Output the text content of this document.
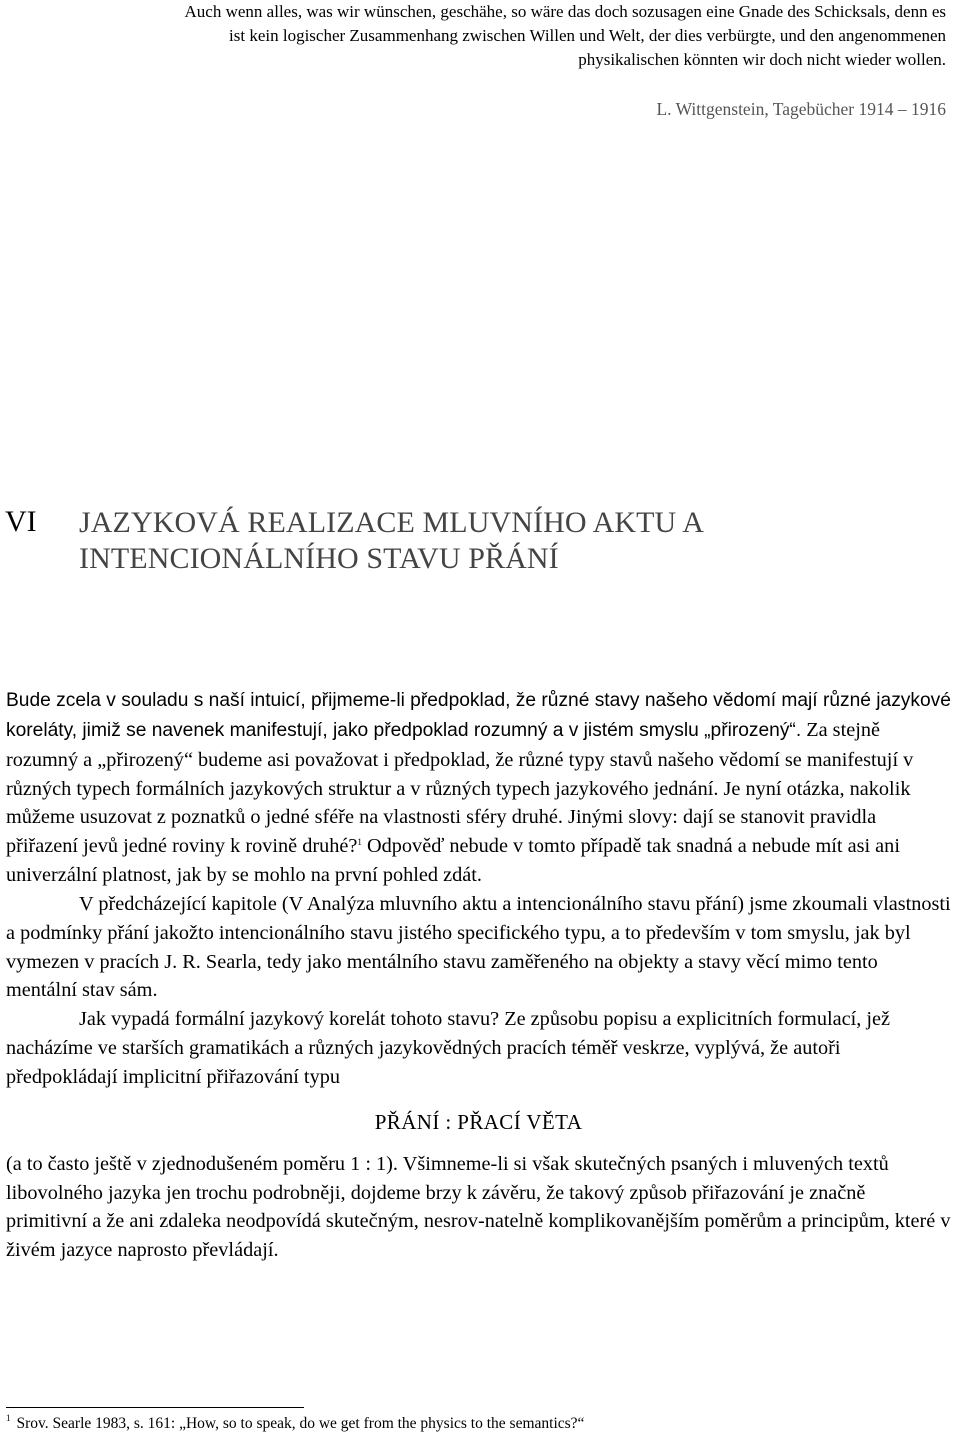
Auch wenn alles, was wir wünschen, geschähe, so wäre das doch sozusagen eine Gnade des Schicksals, denn es
ist kein logischer Zusammenhang zwischen Willen und Welt, der dies verbürgte, und den angenommenen
physikalischen könnten wir doch nicht wieder wollen.
L. Wittgenstein, Tagebücher 1914 – 1916
VI JAZYKOVÁ REALIZACE MLUVNÍHO AKTU A
INTENCIONÁLNÍHO STAVU PŘÁNÍ

Bude zcela v souladu s naší intuicí, přijmeme-li předpoklad, že různé stavy našeho vědomí mají různé jazykové koreláty, jimiž se navenek manifestují, jako předpoklad rozumný a v jistém smyslu „přirozený“. Za stejně rozumný a „přirozený“ budeme asi považovat i předpoklad, že různé typy stavů našeho vědomí se manifestují v různých typech formálních jazykových struktur a v různých typech jazykového jednání. Je nyní otázka, nakolik můžeme usuzovat z poznatků o jedné sféře na vlastnosti sféry druhé. Jinými slovy: dají se stanovit pravidla přiřazení jevů jedné roviny k rovině druhé?$^1$ Odpověď nebude v tomto případě tak snadná a nebude mít asi ani univerzální platnost, jak by se mohlo na první pohled zdát.

V předcházející kapitole (V Analýza mluvního aktu a intencionálního stavu přání) jsme zkoumali vlastnosti a podmínky přání jakožto intencionálního stavu jistého specifického typu, a to především v tom smyslu, jak byl vymezen v pracích J. R. Searla, tedy jako mentálního stavu zaměřeného na objekty a stavy věcí mimo tento mentální stav sám.

Jak vypadá formální jazykový korelát tohoto stavu? Ze způsobu popisu a explicitních formulací, jež nacházíme ve starších gramatikách a různých jazykovědných pracích téměř veskrze, vyplývá, že autoři předpokládají implicitní přiřazování typu

PŘÁNÍ : PŘACÍ VĚTA

(a to často ještě v zjednodušeném poměru 1 : 1). Všimneme-li si však skutečných psaných i mluvených textů libovolného jazyka jen trochu podrobněji, dojdeme brzy k závěru, že takový způsob přiřazování je značně primitivní a že ani zdaleka neodpovídá skutečným, nesrov-natelně komplikovanějším poměrům a principům, které v živém jazyce naprosto převládají.

$^1$ Srov. Searle 1983, s. 161: „How, so to speak, do we get from the physics to the semantics?“
